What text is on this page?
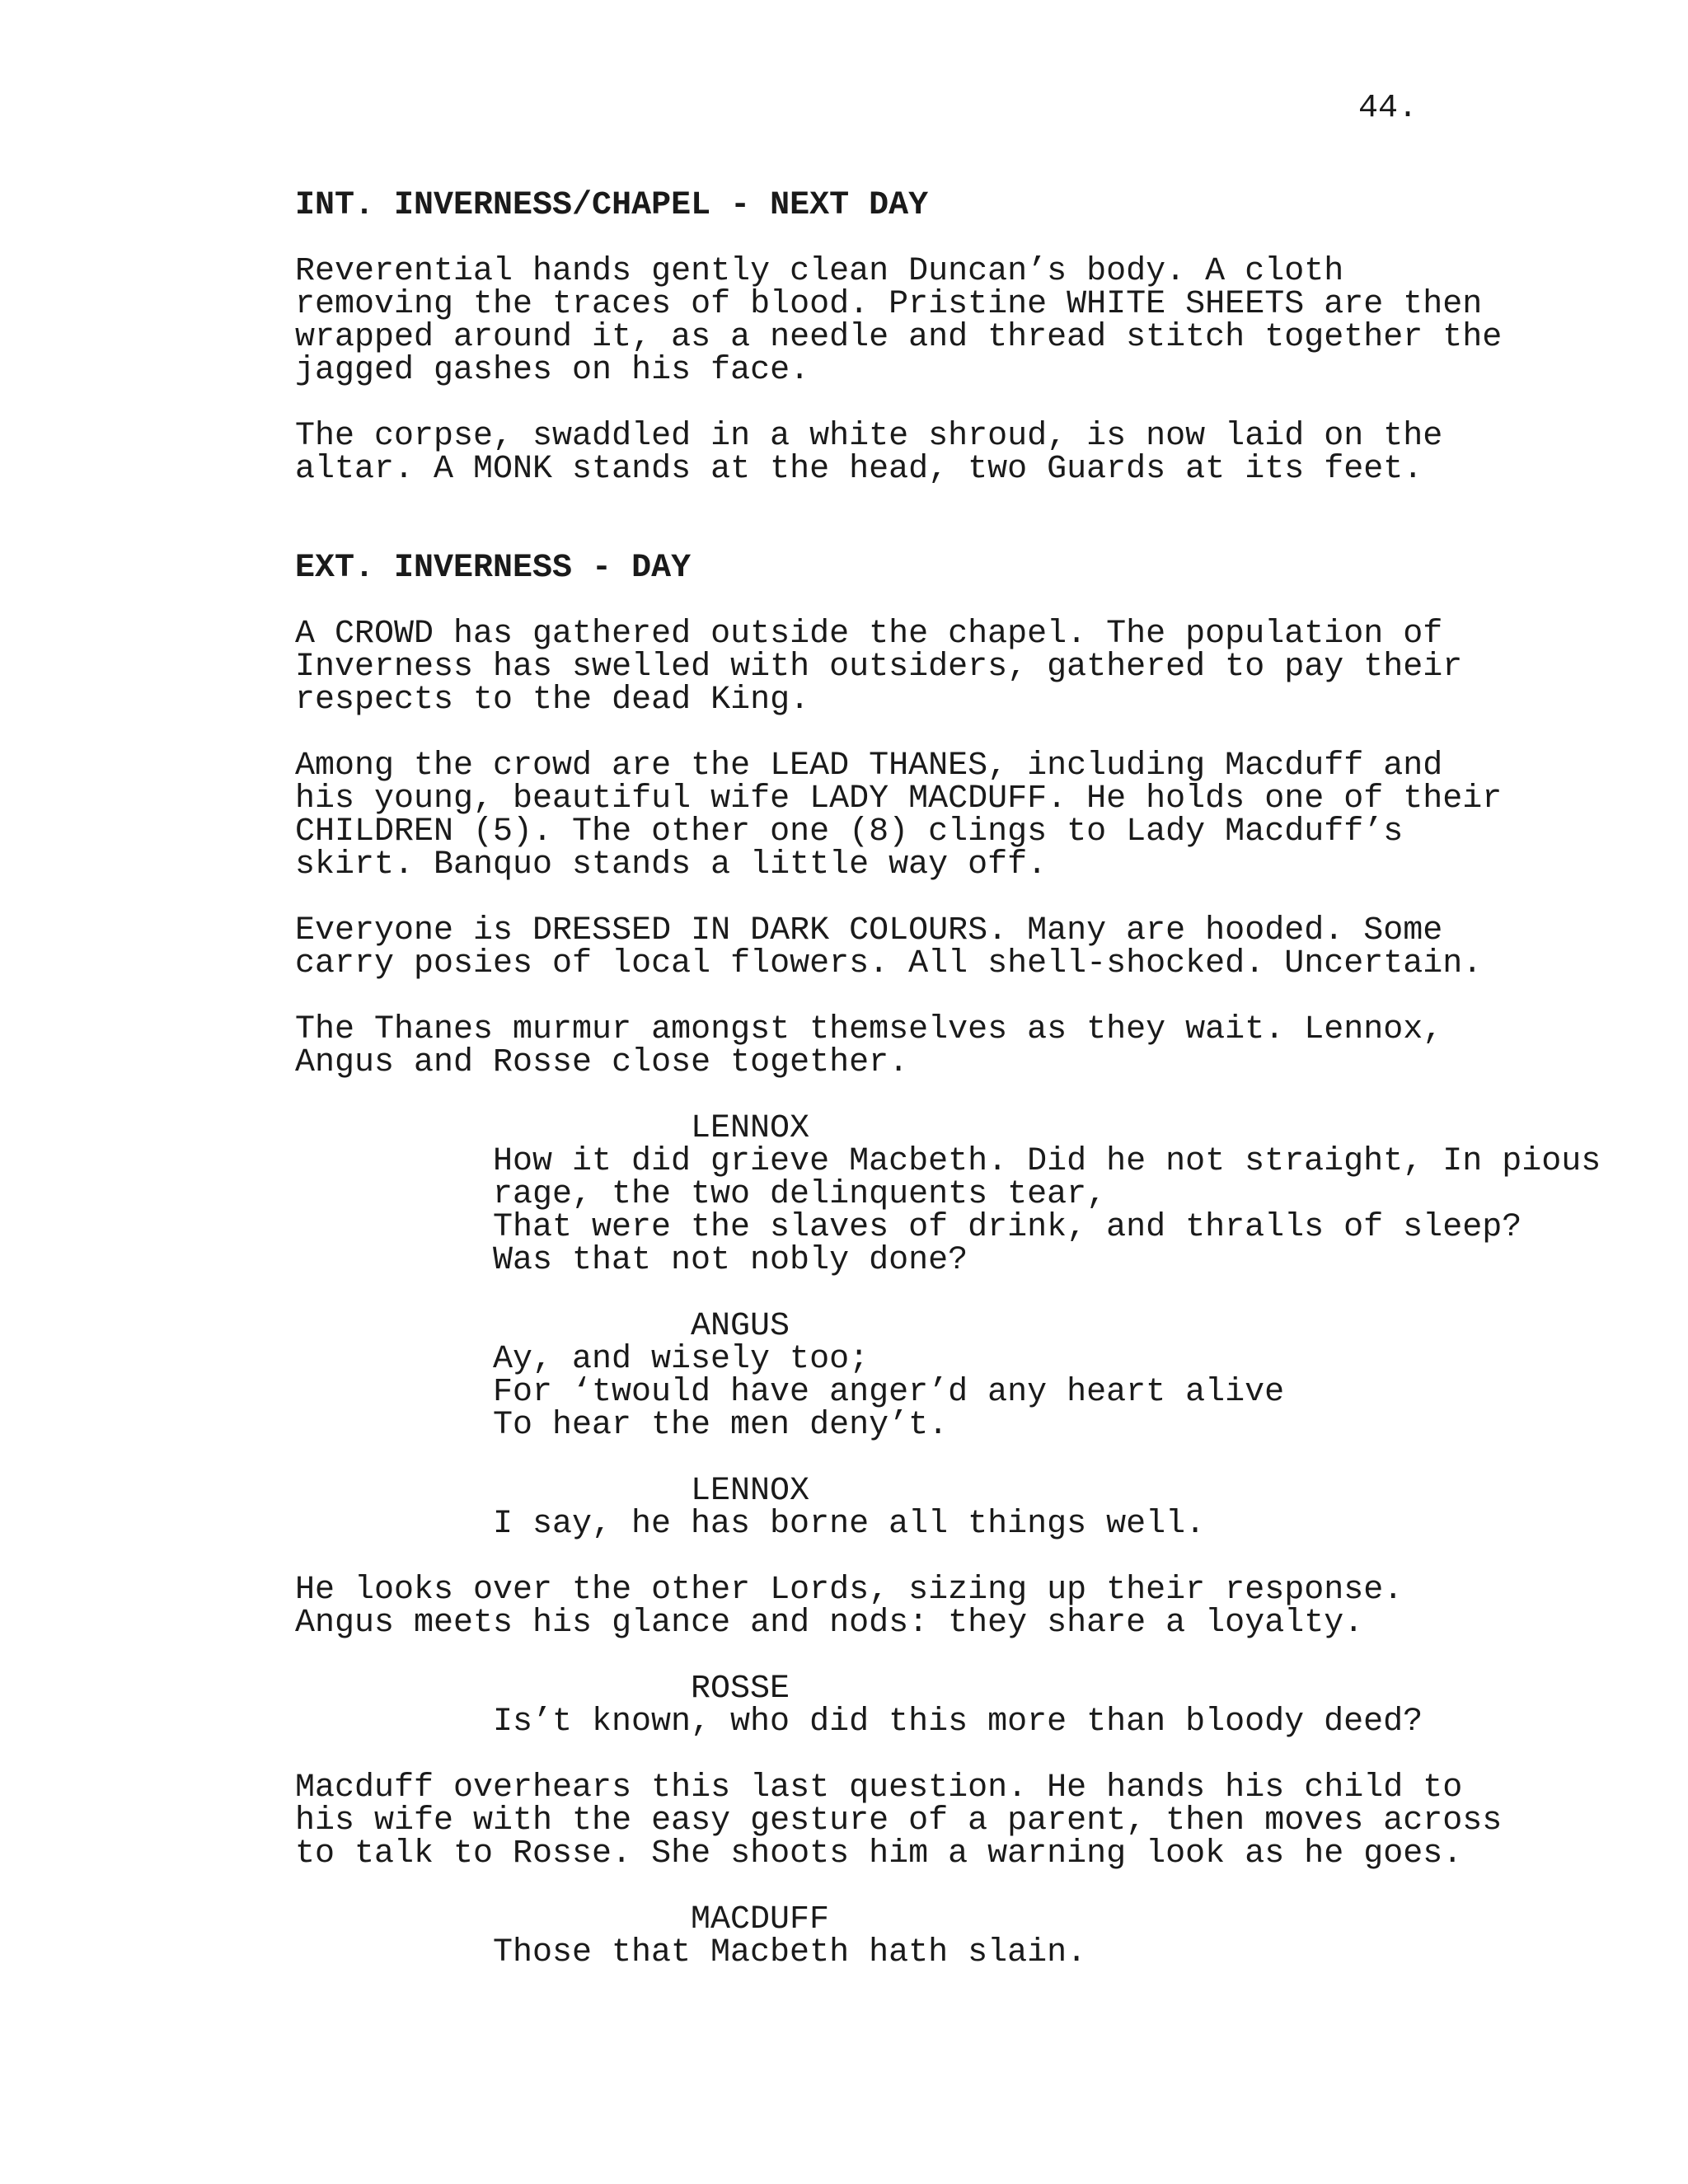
44.
INT. INVERNESS/CHAPEL - NEXT DAY
Reverential hands gently clean Duncan’s body. A cloth
removing the traces of blood. Pristine WHITE SHEETS are then
wrapped around it, as a needle and thread stitch together the
jagged gashes on his face.
The corpse, swaddled in a white shroud, is now laid on the
altar. A MONK stands at the head, two Guards at its feet.
EXT. INVERNESS - DAY
A CROWD has gathered outside the chapel. The population of
Inverness has swelled with outsiders, gathered to pay their
respects to the dead King.
Among the crowd are the LEAD THANES, including Macduff and
his young, beautiful wife LADY MACDUFF. He holds one of their
CHILDREN (5). The other one (8) clings to Lady Macduff’s
skirt. Banquo stands a little way off.
Everyone is DRESSED IN DARK COLOURS. Many are hooded. Some
carry posies of local flowers. All shell-shocked. Uncertain.
The Thanes murmur amongst themselves as they wait. Lennox,
Angus and Rosse close together.
LENNOX
How it did grieve Macbeth. Did he not straight, In pious
rage, the two delinquents tear,
That were the slaves of drink, and thralls of sleep?
Was that not nobly done?
ANGUS
Ay, and wisely too;
For ‘twould have anger’d any heart alive
To hear the men deny’t.
LENNOX
I say, he has borne all things well.
He looks over the other Lords, sizing up their response.
Angus meets his glance and nods: they share a loyalty.
ROSSE
Is’t known, who did this more than bloody deed?
Macduff overhears this last question. He hands his child to
his wife with the easy gesture of a parent, then moves across
to talk to Rosse. She shoots him a warning look as he goes.
MACDUFF
Those that Macbeth hath slain.
